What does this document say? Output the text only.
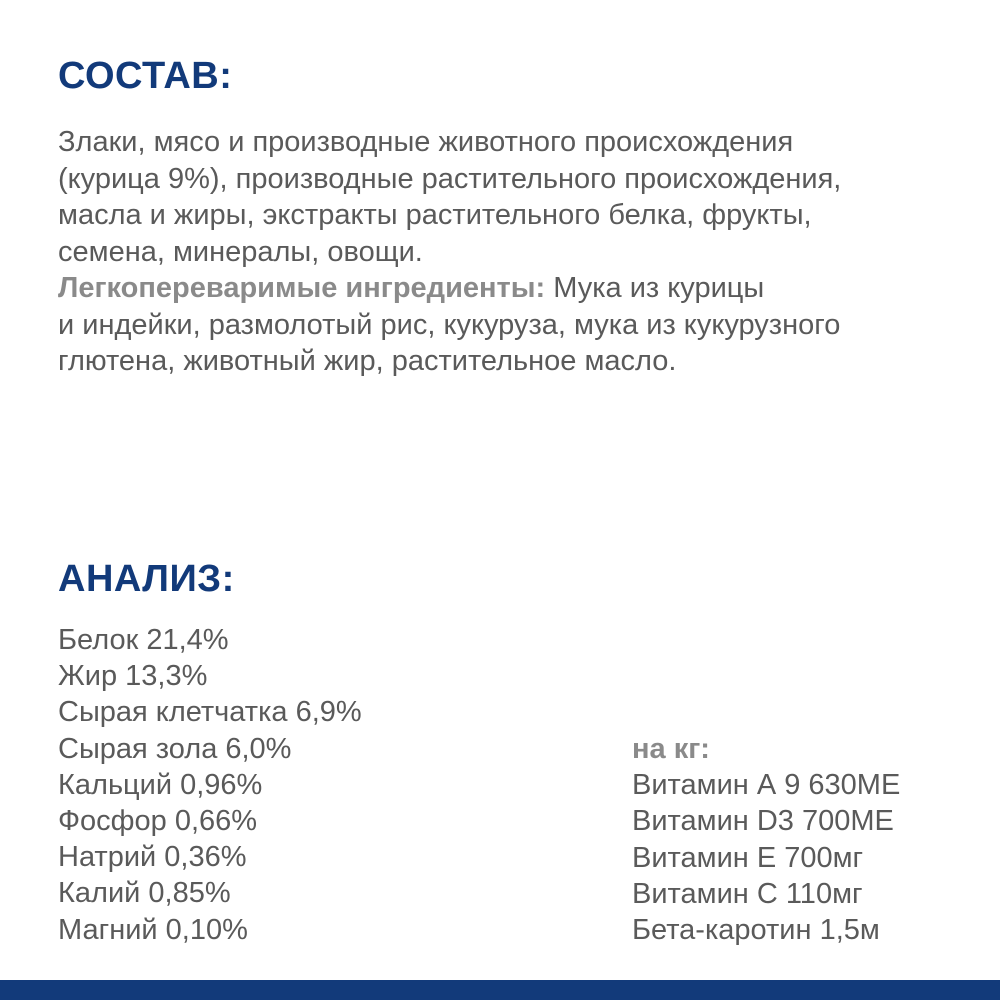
СОСТАВ:

Злаки, мясо и производные животного происхождения
(курица 9%), производные растительного происхождения,
масла и жиры, экстракты растительного белка, фрукты,
семена, минералы, овощи.

Легкопереваримые ингредиенты: Мука из курицы
и индейки, размолотый рис, кукуруза, мука из кукурузного
глютена, животный жир, растительное масло.

АНАЛИЗ:
Белок 21,4%
Жир 13,3%
Сырая клетчатка 6,9%
Сырая зола 6,0%
Кальций 0,96%
Фосфор 0,66%
Натрий 0,36%
Калий 0,85%
Магний 0,10%
на кг:
Витамин А 9 630МЕ
Витамин D3 700МЕ
Витамин Е 700мг
Витамин С 110мг
Бета-каротин 1,5м
